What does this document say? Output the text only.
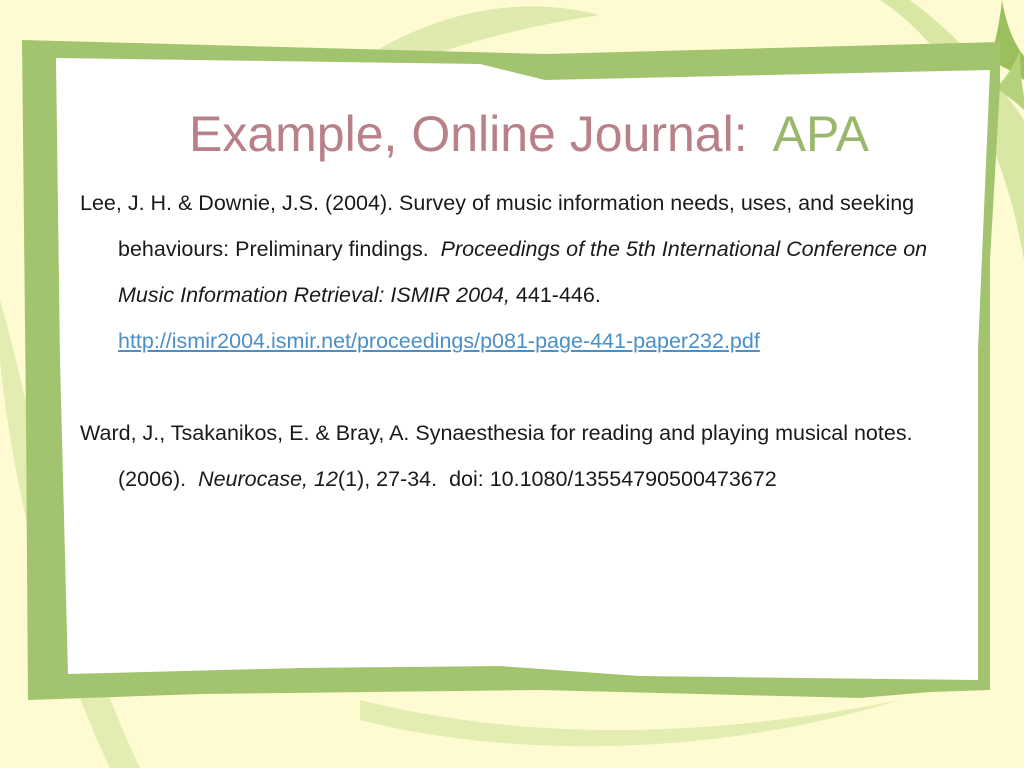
Example, Online Journal: APA

Lee, J. H. & Downie, J.S. (2004). Survey of music information needs, uses, and seeking behaviours: Preliminary findings. Proceedings of the 5th International Conference on Music Information Retrieval: ISMIR 2004, 441-446. http://ismir2004.ismir.net/proceedings/p081-page-441-paper232.pdf

Ward, J., Tsakanikos, E. & Bray, A. Synaesthesia for reading and playing musical notes. (2006). Neurocase, 12(1), 27-34. doi: 10.1080/13554790500473672
